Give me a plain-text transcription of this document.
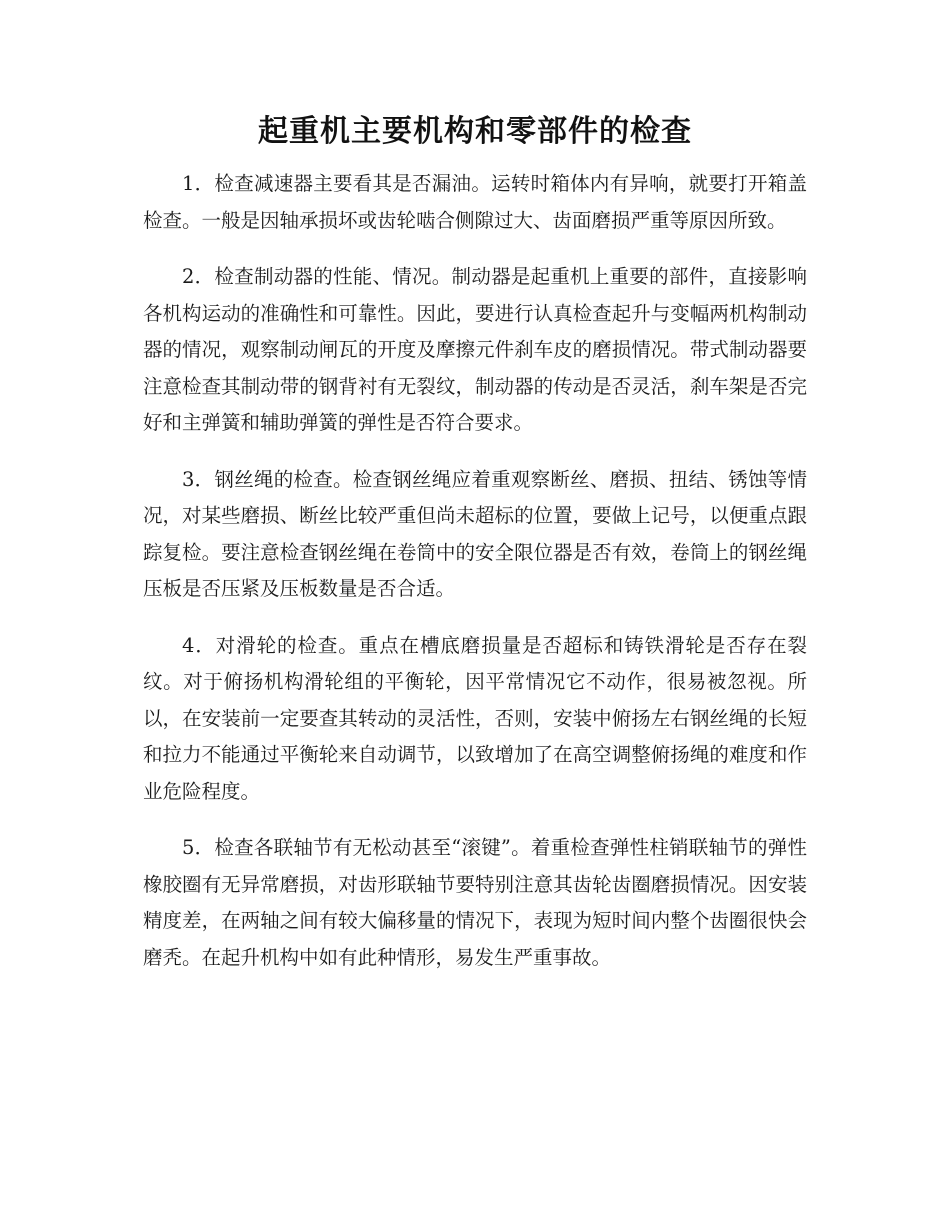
起重机主要机构和零部件的检查

1．检查减速器主要看其是否漏油。运转时箱体内有异响，就要打开箱盖检查。一般是因轴承损坏或齿轮啮合侧隙过大、齿面磨损严重等原因所致。

2．检查制动器的性能、情况。制动器是起重机上重要的部件，直接影响各机构运动的准确性和可靠性。因此，要进行认真检查起升与变幅两机构制动器的情况，观察制动闸瓦的开度及摩擦元件刹车皮的磨损情况。带式制动器要注意检查其制动带的钢背衬有无裂纹，制动器的传动是否灵活，刹车架是否完好和主弹簧和辅助弹簧的弹性是否符合要求。

3．钢丝绳的检查。检查钢丝绳应着重观察断丝、磨损、扭结、锈蚀等情况，对某些磨损、断丝比较严重但尚未超标的位置，要做上记号，以便重点跟踪复检。要注意检查钢丝绳在卷筒中的安全限位器是否有效，卷筒上的钢丝绳压板是否压紧及压板数量是否合适。

4．对滑轮的检查。重点在槽底磨损量是否超标和铸铁滑轮是否存在裂纹。对于俯扬机构滑轮组的平衡轮，因平常情况它不动作，很易被忽视。所以，在安装前一定要查其转动的灵活性，否则，安装中俯扬左右钢丝绳的长短和拉力不能通过平衡轮来自动调节，以致增加了在高空调整俯扬绳的难度和作业危险程度。

5．检查各联轴节有无松动甚至“滚键”。着重检查弹性柱销联轴节的弹性橡胶圈有无异常磨损，对齿形联轴节要特别注意其齿轮齿圈磨损情况。因安装精度差，在两轴之间有较大偏移量的情况下，表现为短时间内整个齿圈很快会磨秃。在起升机构中如有此种情形，易发生严重事故。
